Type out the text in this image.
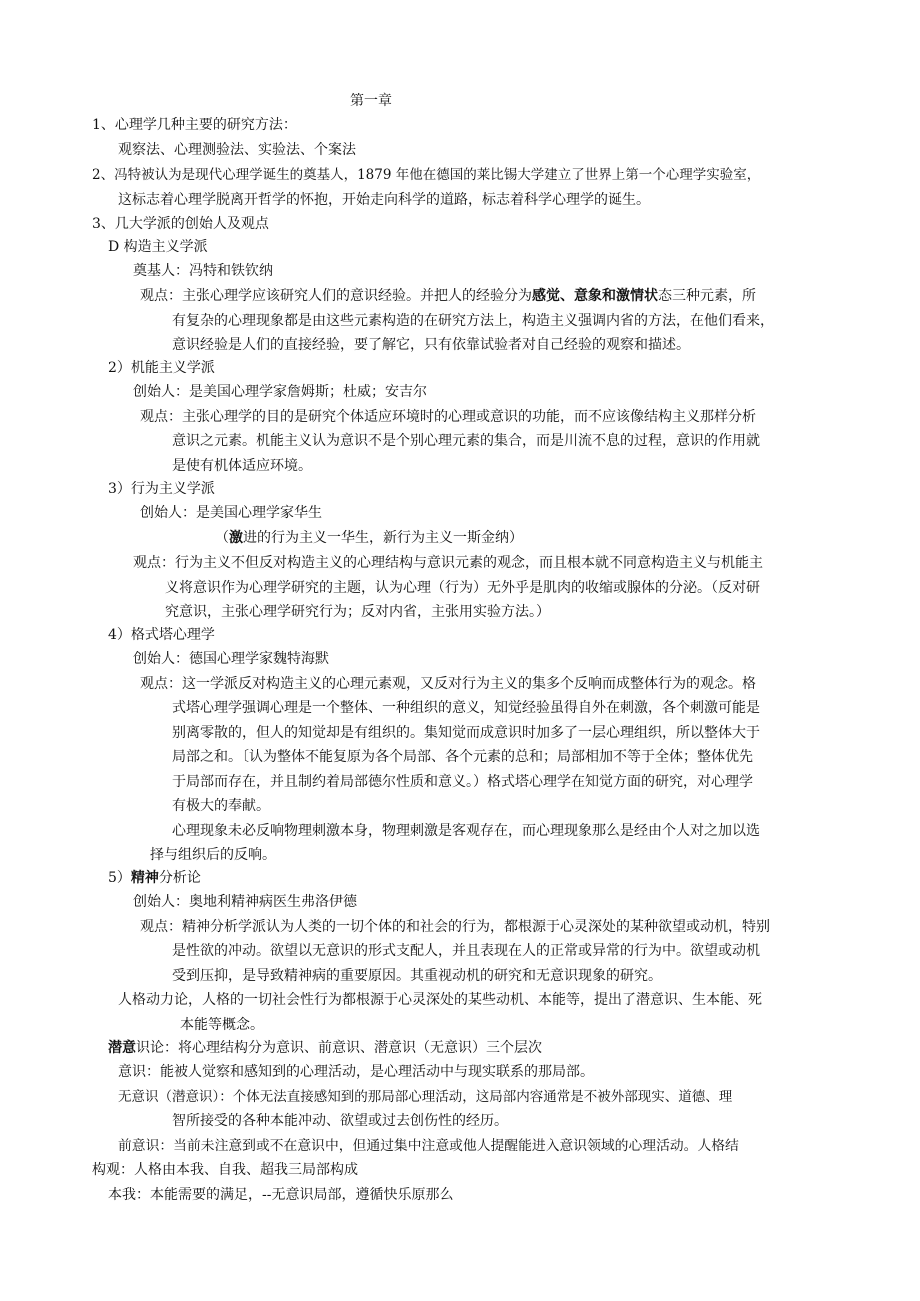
第一章
1、心理学几种主要的研究方法：
观察法、心理测验法、实验法、个案法
2、冯特被认为是现代心理学诞生的奠基人，1879 年他在德国的莱比锡大学建立了世界上第一个心理学实验室，
这标志着心理学脱离开哲学的怀抱，开始走向科学的道路，标志着科学心理学的诞生。
3、几大学派的创始人及观点
D 构造主义学派
奠基人：冯特和铁钦纳
观点：主张心理学应该研究人们的意识经验。并把人的经验分为感觉、意象和激情状态三种元素，所
有复杂的心理现象都是由这些元素构造的在研究方法上，构造主义强调内省的方法，在他们看来，
意识经验是人们的直接经验，要了解它，只有依靠试验者对自己经验的观察和描述。
2）机能主义学派
创始人：是美国心理学家詹姆斯；杜威；安吉尔
观点：主张心理学的目的是研究个体适应环境时的心理或意识的功能，而不应该像结构主义那样分析
意识之元素。机能主义认为意识不是个别心理元素的集合，而是川流不息的过程，意识的作用就
是使有机体适应环境。
3）行为主义学派
创始人：是美国心理学家华生
（激进的行为主义一华生，新行为主义一斯金纳）
观点：行为主义不但反对构造主义的心理结构与意识元素的观念，而且根本就不同意构造主义与机能主
义将意识作为心理学研究的主题，认为心理（行为）无外乎是肌肉的收缩或腺体的分泌。（反对研
究意识，主张心理学研究行为；反对内省，主张用实验方法。）
4）格式塔心理学
创始人：德国心理学家魏特海默
观点：这一学派反对构造主义的心理元素观，又反对行为主义的集多个反响而成整体行为的观念。格
式塔心理学强调心理是一个整体、一种组织的意义，知觉经验虽得自外在刺激，各个刺激可能是
别离零散的，但人的知觉却是有组织的。集知觉而成意识时加多了一层心理组织，所以整体大于
局部之和。〔认为整体不能复原为各个局部、各个元素的总和；局部相加不等于全体；整体优先
于局部而存在，并且制约着局部德尔性质和意义。）格式塔心理学在知觉方面的研究，对心理学
有极大的奉献。
心理现象未必反响物理刺激本身，物理刺激是客观存在，而心理现象那么是经由个人对之加以选
择与组织后的反响。
5）精神分析论
创始人：奥地利精神病医生弗洛伊德
观点：精神分析学派认为人类的一切个体的和社会的行为，都根源于心灵深处的某种欲望或动机，特别
是性欲的冲动。欲望以无意识的形式支配人，并且表现在人的正常或异常的行为中。欲望或动机
受到压抑，是导致精神病的重要原因。其重视动机的研究和无意识现象的研究。
人格动力论，人格的一切社会性行为都根源于心灵深处的某些动机、本能等，提出了潜意识、生本能、死
本能等概念。
潜意识论：将心理结构分为意识、前意识、潜意识（无意识）三个层次
意识：能被人觉察和感知到的心理活动，是心理活动中与现实联系的那局部。
无意识（潜意识）：个体无法直接感知到的那局部心理活动，这局部内容通常是不被外部现实、道德、理
智所接受的各种本能冲动、欲望或过去创伤性的经历。
前意识：当前未注意到或不在意识中，但通过集中注意或他人提醒能进入意识领域的心理活动。人格结
构观：人格由本我、自我、超我三局部构成
本我：本能需要的满足，--无意识局部，遵循快乐原那么
